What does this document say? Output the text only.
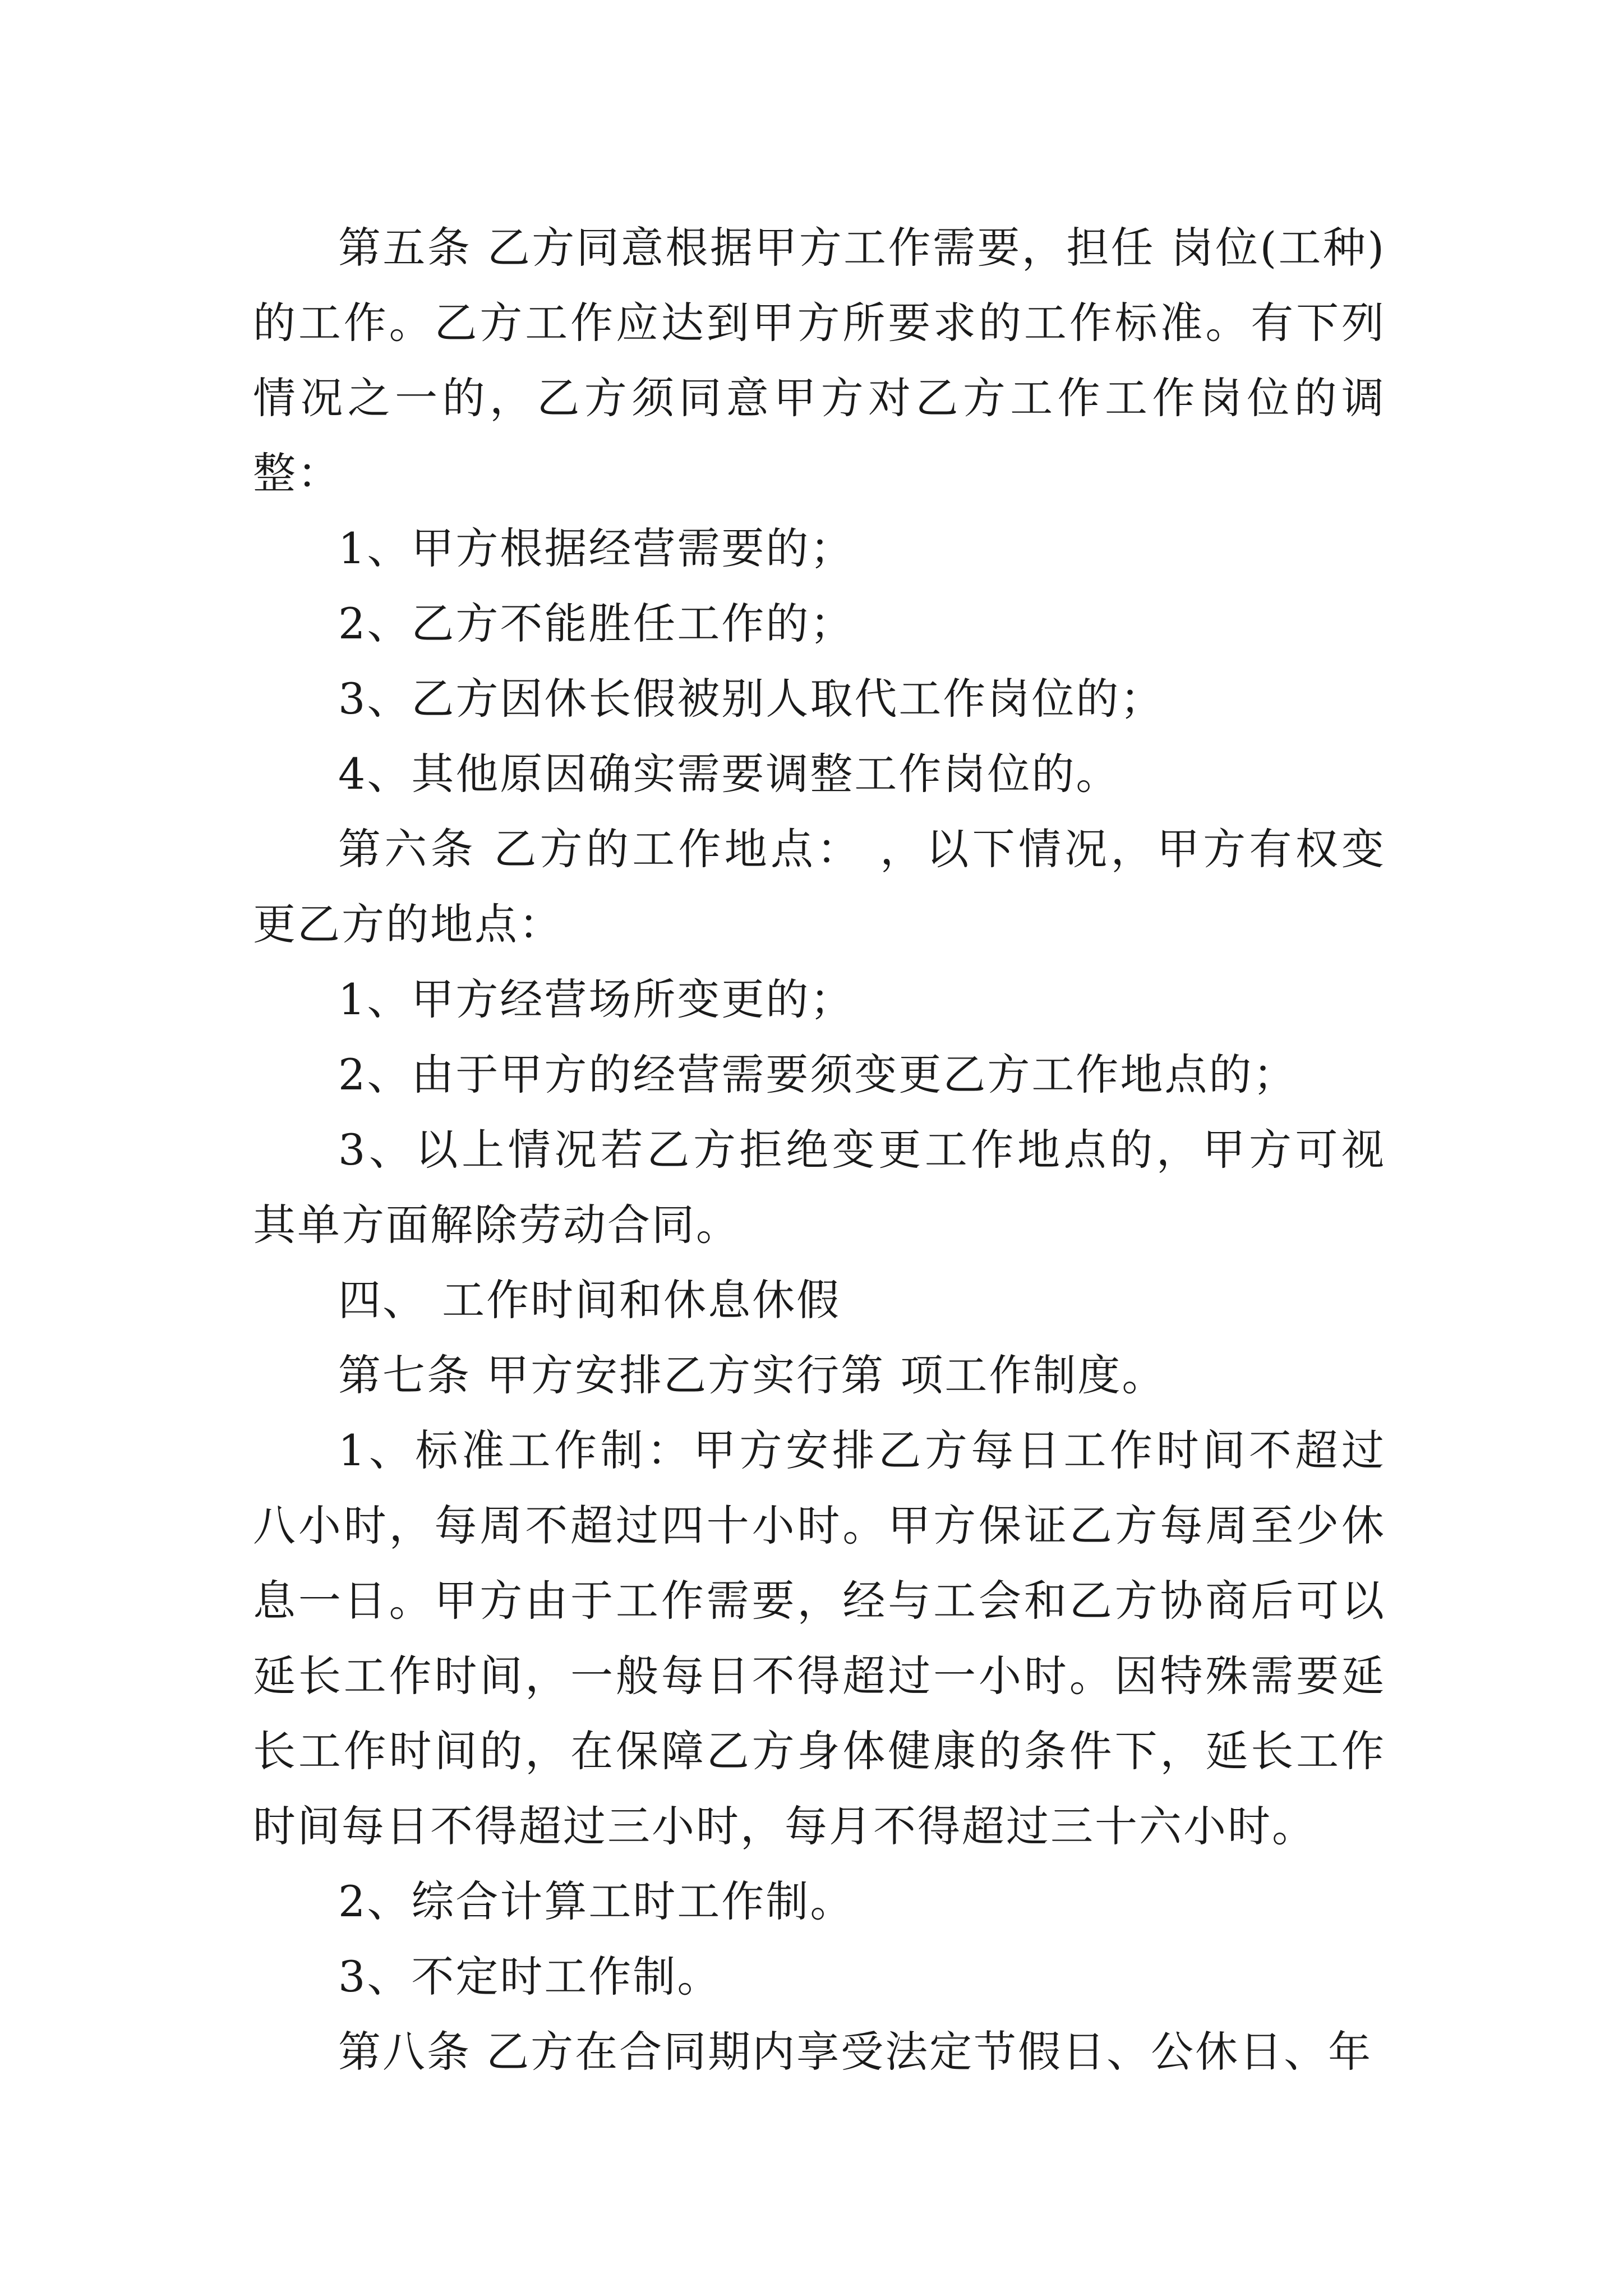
第五条 乙方同意根据甲方工作需要，担任 岗位(工种)的工作。乙方工作应达到甲方所要求的工作标准。有下列情况之一的，乙方须同意甲方对乙方工作工作岗位的调整：

1、甲方根据经营需要的；

2、乙方不能胜任工作的；

3、乙方因休长假被别人取代工作岗位的；

4、其他原因确实需要调整工作岗位的。

第六条 乙方的工作地点： ，以下情况，甲方有权变更乙方的地点：

1、甲方经营场所变更的；

2、由于甲方的经营需要须变更乙方工作地点的；

3、以上情况若乙方拒绝变更工作地点的，甲方可视其单方面解除劳动合同。

四、 工作时间和休息休假

第七条 甲方安排乙方实行第 项工作制度。

1、标准工作制：甲方安排乙方每日工作时间不超过八小时，每周不超过四十小时。甲方保证乙方每周至少休息一日。甲方由于工作需要，经与工会和乙方协商后可以延长工作时间，一般每日不得超过一小时。因特殊需要延长工作时间的，在保障乙方身体健康的条件下，延长工作时间每日不得超过三小时，每月不得超过三十六小时。

2、综合计算工时工作制。

3、不定时工作制。

第八条 乙方在合同期内享受法定节假日、公休日、年
